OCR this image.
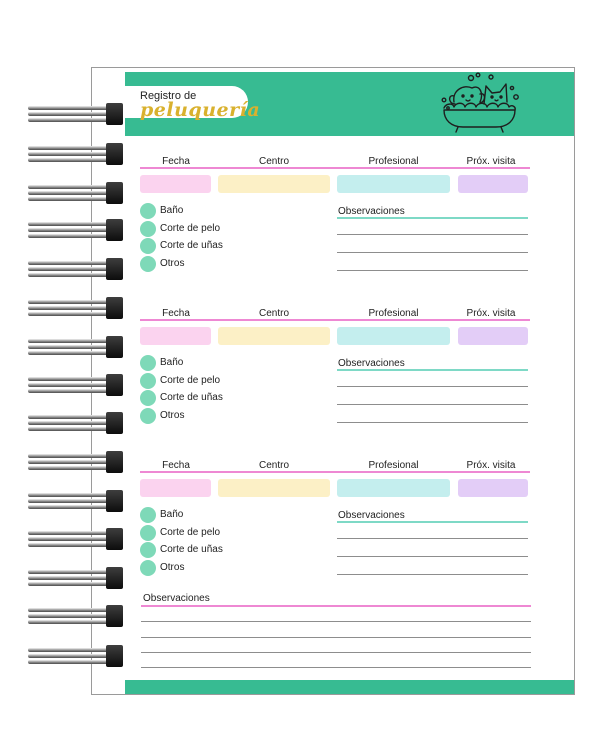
Registro de
peluquería
Fecha	Centro	Profesional	Próx. visita
Baño
Corte de pelo
Corte de uñas
Otros
Observaciones
Fecha	Centro	Profesional	Próx. visita
Baño
Corte de pelo
Corte de uñas
Otros
Observaciones
Fecha	Centro	Profesional	Próx. visita
Baño
Corte de pelo
Corte de uñas
Otros
Observaciones
Observaciones
